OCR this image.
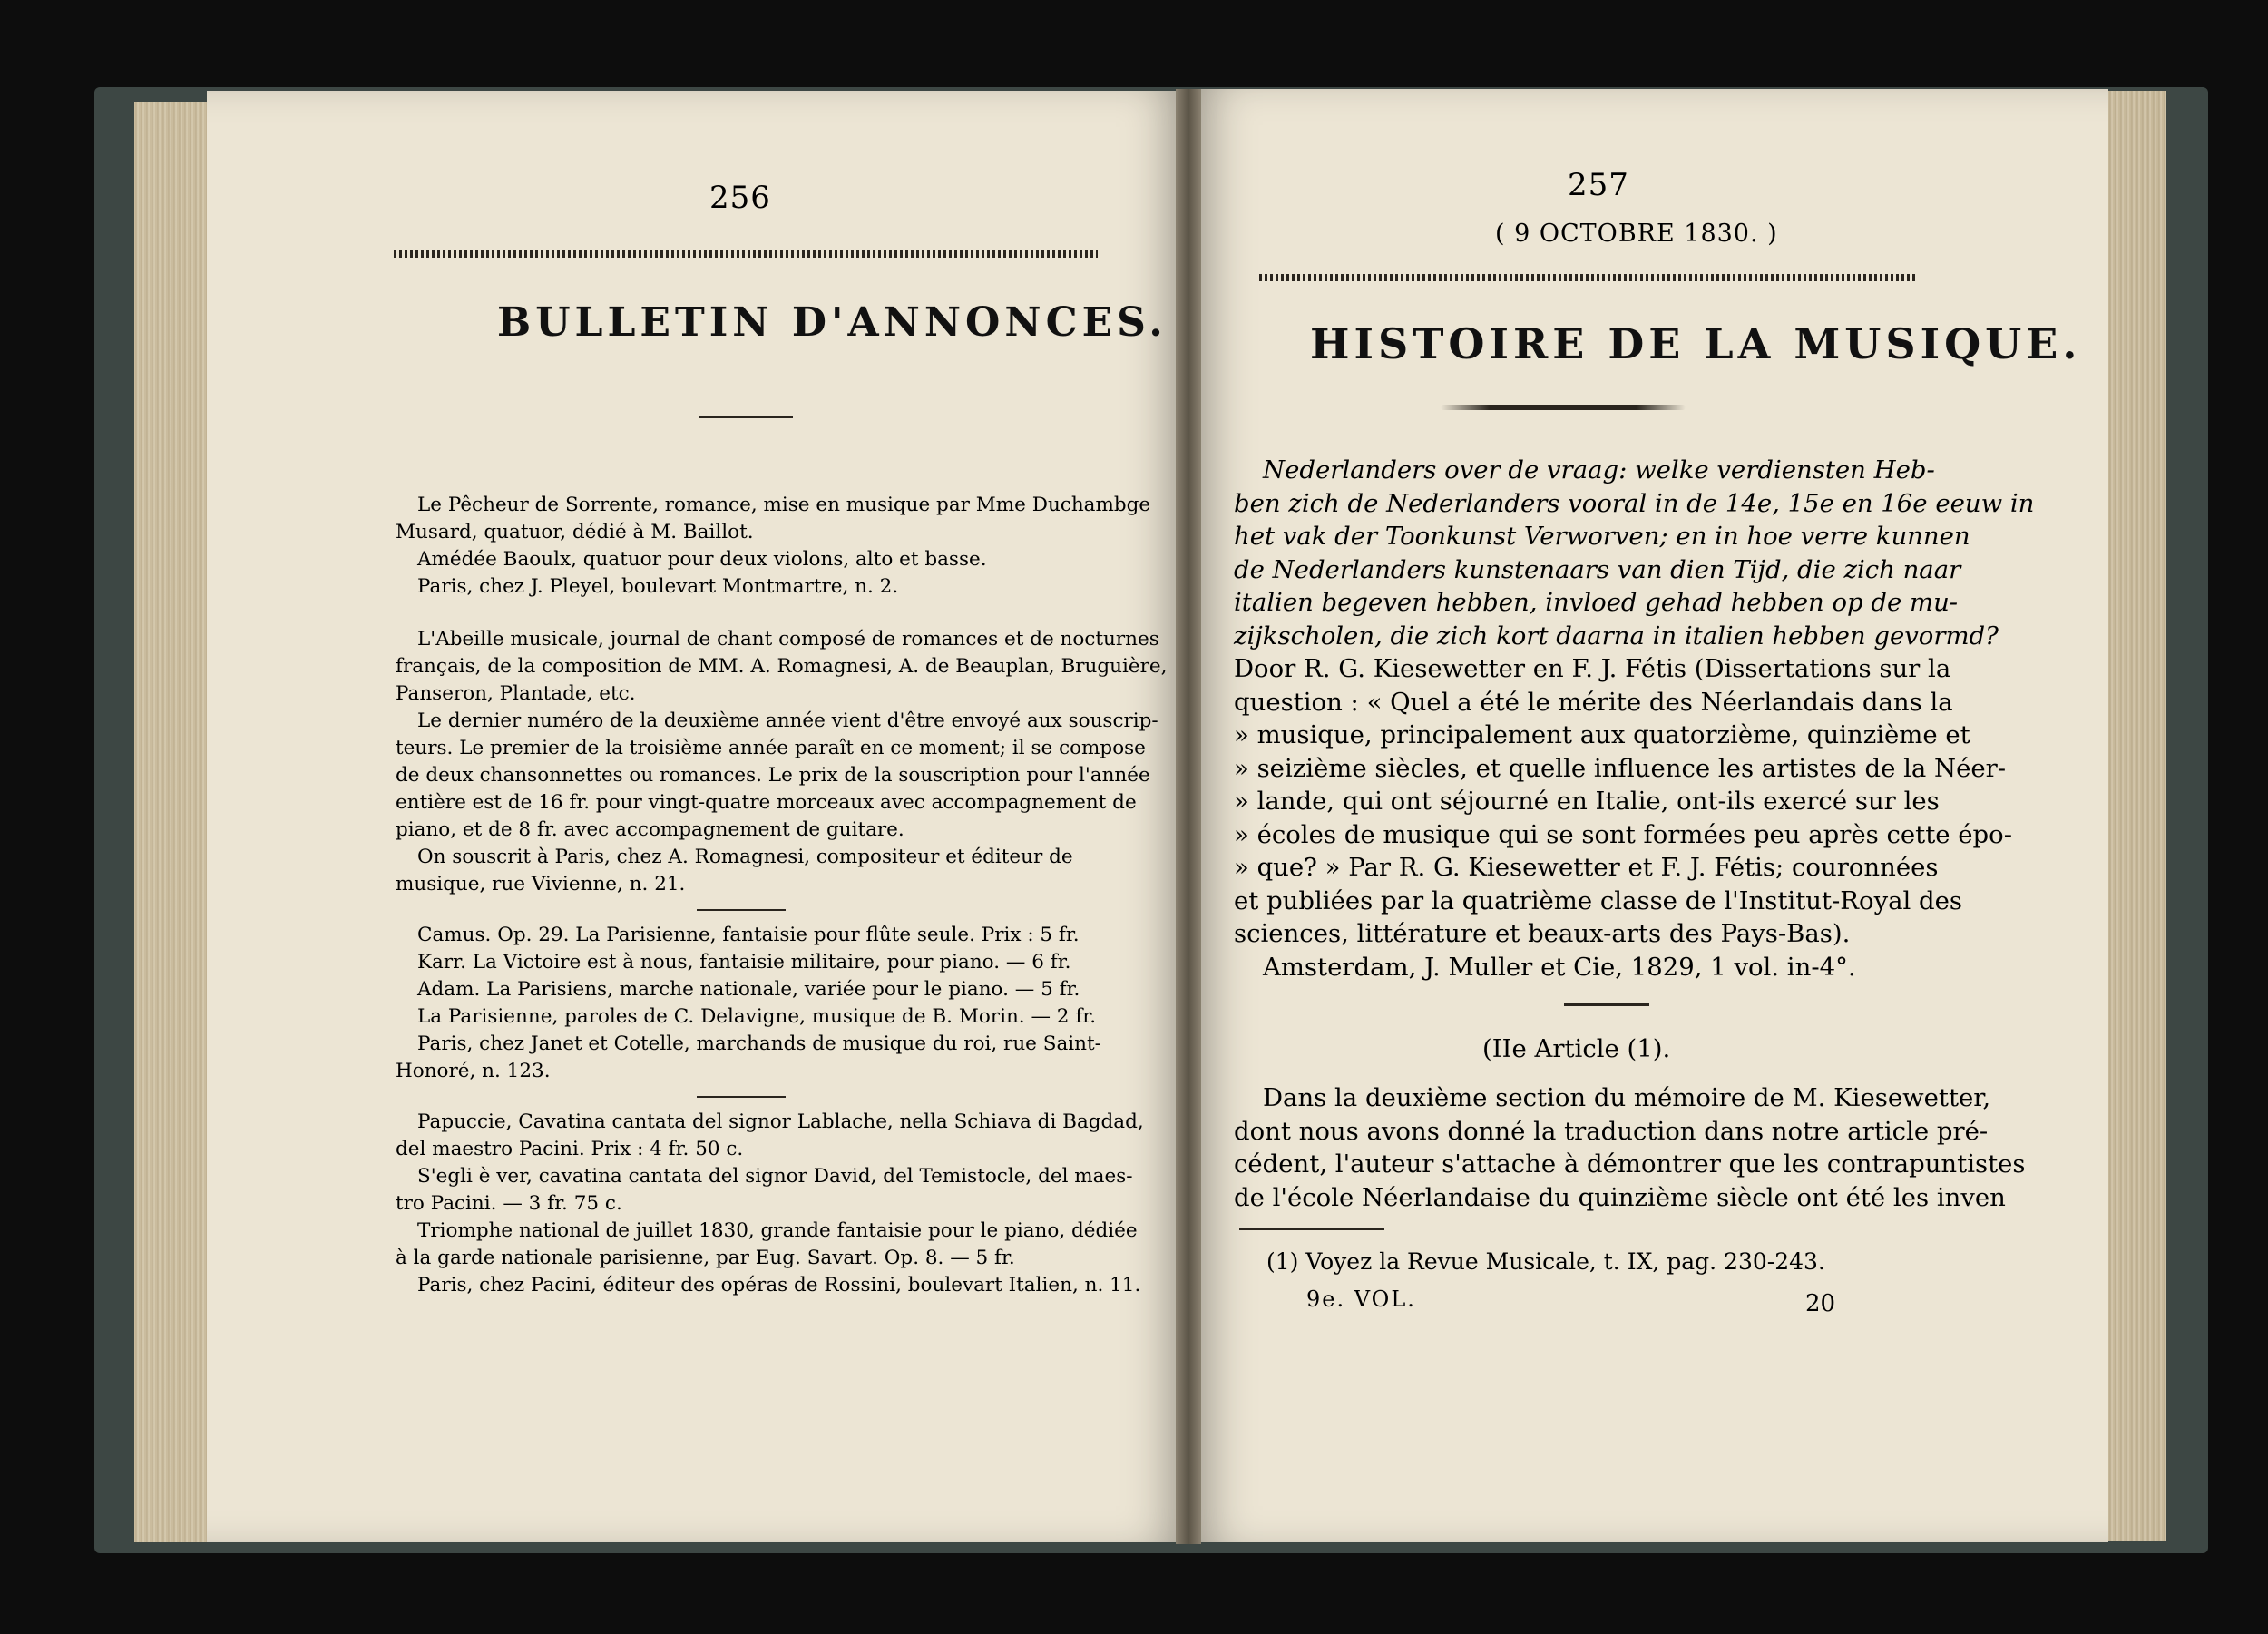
256
BULLETIN D'ANNONCES.

Le Pêcheur de Sorrente, romance, mise en musique par Mme Duchambge

Musard, quatuor, dédié à M. Baillot.

Amédée Baoulx, quatuor pour deux violons, alto et basse.

Paris, chez J. Pleyel, boulevart Montmartre, n. 2.

L'Abeille musicale, journal de chant composé de romances et de nocturnes

français, de la composition de MM. A. Romagnesi, A. de Beauplan, Bruguière,

Panseron, Plantade, etc.

Le dernier numéro de la deuxième année vient d'être envoyé aux souscrip-

teurs. Le premier de la troisième année paraît en ce moment; il se compose

de deux chansonnettes ou romances. Le prix de la souscription pour l'année

entière est de 16 fr. pour vingt-quatre morceaux avec accompagnement de

piano, et de 8 fr. avec accompagnement de guitare.

On souscrit à Paris, chez A. Romagnesi, compositeur et éditeur de

musique, rue Vivienne, n. 21.

Camus. Op. 29. La Parisienne, fantaisie pour flûte seule. Prix : 5 fr.

Karr. La Victoire est à nous, fantaisie militaire, pour piano. — 6 fr.

Adam. La Parisiens, marche nationale, variée pour le piano. — 5 fr.

La Parisienne, paroles de C. Delavigne, musique de B. Morin. — 2 fr.

Paris, chez Janet et Cotelle, marchands de musique du roi, rue Saint-

Honoré, n. 123.

Papuccie, Cavatina cantata del signor Lablache, nella Schiava di Bagdad,

del maestro Pacini. Prix : 4 fr. 50 c.

S'egli è ver, cavatina cantata del signor David, del Temistocle, del maes-

tro Pacini. — 3 fr. 75 c.

Triomphe national de juillet 1830, grande fantaisie pour le piano, dédiée

à la garde nationale parisienne, par Eug. Savart. Op. 8. — 5 fr.

Paris, chez Pacini, éditeur des opéras de Rossini, boulevart Italien, n. 11.

257
( 9 OCTOBRE 1830. )
HISTOIRE DE LA MUSIQUE.

Nederlanders over de vraag: welke verdiensten Heb-

ben zich de Nederlanders vooral in de 14e, 15e en 16e eeuw in

het vak der Toonkunst Verworven; en in hoe verre kunnen

de Nederlanders kunstenaars van dien Tijd, die zich naar

italien begeven hebben, invloed gehad hebben op de mu-

zijkscholen, die zich kort daarna in italien hebben gevormd?

Door R. G. Kiesewetter en F. J. Fétis (Dissertations sur la

question : « Quel a été le mérite des Néerlandais dans la

» musique, principalement aux quatorzième, quinzième et

» seizième siècles, et quelle influence les artistes de la Néer-

» lande, qui ont séjourné en Italie, ont-ils exercé sur les

» écoles de musique qui se sont formées peu après cette épo-

» que? » Par R. G. Kiesewetter et F. J. Fétis; couronnées

et publiées par la quatrième classe de l'Institut-Royal des

sciences, littérature et beaux-arts des Pays-Bas).

Amsterdam, J. Muller et Cie, 1829, 1 vol. in-4°.

(IIe Article (1).

Dans la deuxième section du mémoire de M. Kiesewetter,

dont nous avons donné la traduction dans notre article pré-

cédent, l'auteur s'attache à démontrer que les contrapuntistes

de l'école Néerlandaise du quinzième siècle ont été les inven

(1) Voyez la Revue Musicale, t. IX, pag. 230-243.
9e. VOL.	20
